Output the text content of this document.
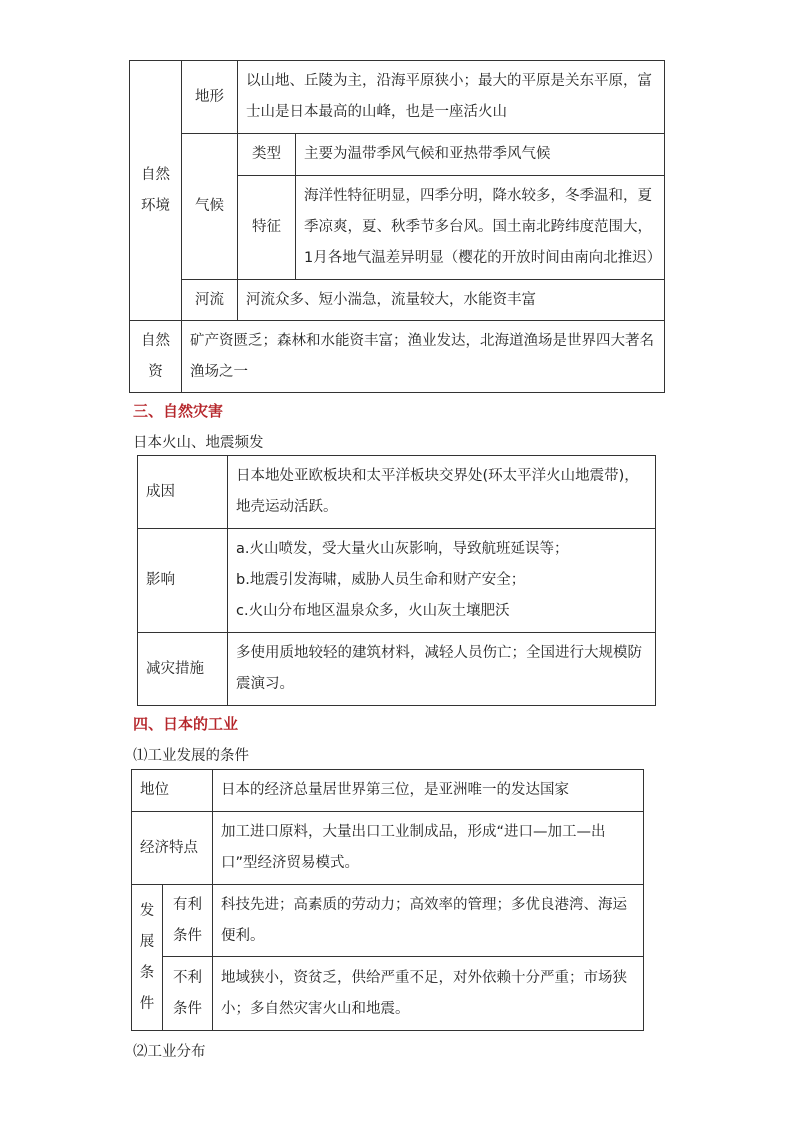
自然环境	地形	以山地、丘陵为主，沿海平原狭小；最大的平原是关东平原，富士山是日本最高的山峰，也是一座活火山	
	气候	类型	主要为温带季风气候和亚热带季风气候
		特征	海洋性特征明显，四季分明，降水较多，冬季温和，夏季凉爽，夏、秋季节多台风。国土南北跨纬度范围大，1月各地气温差异明显（樱花的开放时间由南向北推迟）
	河流	河流众多、短小湍急，流量较大，水能资丰富	

自然资	矿产资匮乏；森林和水能资丰富；渔业发达，北海道渔场是世界四大著名渔场之一		
三、自然灾害
日本火山、地震频发
成因	日本地处亚欧板块和太平洋板块交界处(环太平洋火山地震带)，地壳运动活跃。
影响	a.火山喷发，受大量火山灰影响，导致航班延误等；
b.地震引发海啸，威胁人员生命和财产安全；
c.火山分布地区温泉众多，火山灰土壤肥沃

减灾措施	多使用质地较轻的建筑材料，减轻人员伤亡；全国进行大规模防震演习。
四、日本的工业
⑴工业发展的条件
地位		日本的经济总量居世界第三位，是亚洲唯一的发达国家
经济特点		加工进口原料，大量出口工业制成品，形成“进口—加工—出口”型经济贸易模式。

发展条件	有利条件	科技先进；高素质的劳动力；高效率的管理；多优良港湾、海运便利。

	不利条件	地域狭小，资贫乏，供给严重不足，对外依赖十分严重；市场狭小；多自然灾害火山和地震。
⑵工业分布
